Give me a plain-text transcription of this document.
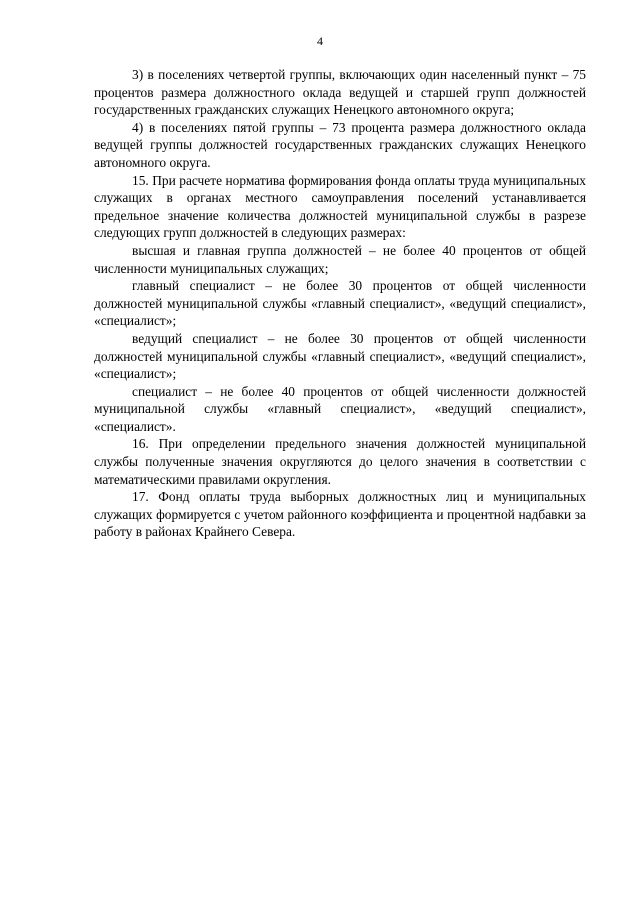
4

3) в поселениях четвертой группы, включающих один населенный пункт – 75 процентов размера должностного оклада ведущей и старшей групп должностей государственных гражданских служащих Ненецкого автономного округа;

4) в поселениях пятой группы – 73 процента размера должностного оклада ведущей группы должностей государственных гражданских служащих Ненецкого автономного округа.

15. При расчете норматива формирования фонда оплаты труда муниципальных служащих в органах местного самоуправления поселений устанавливается предельное значение количества должностей муниципальной службы в разрезе следующих групп должностей в следующих размерах:

высшая и главная группа должностей – не более 40 процентов от общей численности муниципальных служащих;

главный специалист – не более 30 процентов от общей численности должностей муниципальной службы «главный специалист», «ведущий специалист», «специалист»;

ведущий специалист – не более 30 процентов от общей численности должностей муниципальной службы «главный специалист», «ведущий специалист», «специалист»;

специалист – не более 40 процентов от общей численности должностей муниципальной службы «главный специалист», «ведущий специалист», «специалист».

16. При определении предельного значения должностей муниципальной службы полученные значения округляются до целого значения в соответствии с математическими правилами округления.

17. Фонд оплаты труда выборных должностных лиц и муниципальных служащих формируется с учетом районного коэффициента и процентной надбавки за работу в районах Крайнего Севера.
